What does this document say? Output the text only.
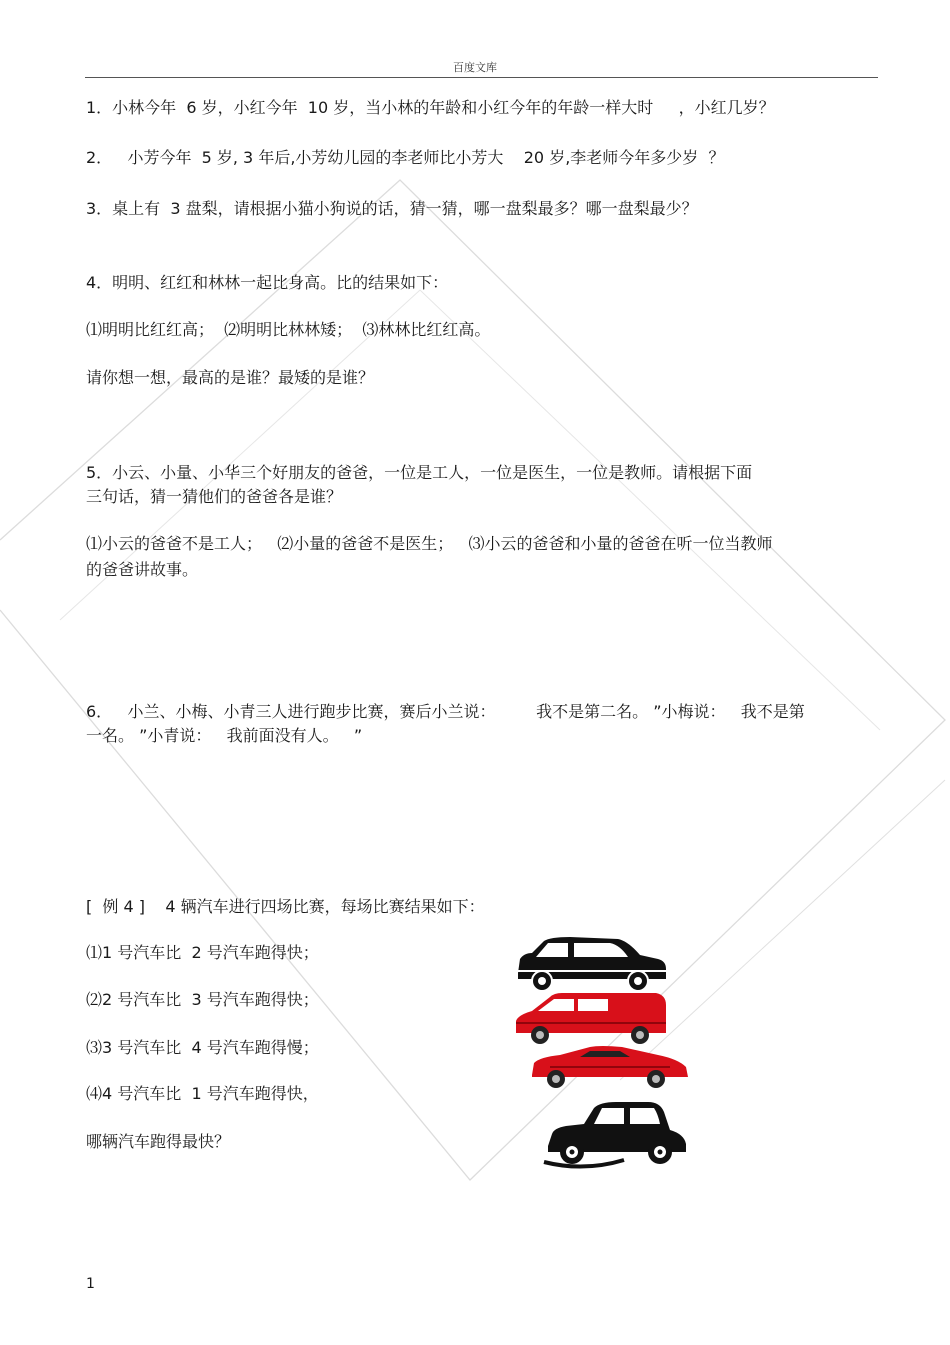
百度文库
1．小林今年  6 岁，小红今年  10 岁，当小林的年龄和小红今年的年龄一样大时     ，小红几岁？
2．   小芳今年  5 岁, 3 年后,小芳幼儿园的李老师比小芳大    20 岁,李老师今年多少岁  ？
3．桌上有  3 盘梨，请根据小猫小狗说的话，猜一猜，哪一盘梨最多？哪一盘梨最少？
4．明明、红红和林林一起比身高。比的结果如下：
⑴明明比红红高；  ⑵明明比林林矮；  ⑶林林比红红高。
请你想一想，最高的是谁？最矮的是谁？
5．小云、小量、小华三个好朋友的爸爸，一位是工人，一位是医生，一位是教师。请根据下面
三句话，猜一猜他们的爸爸各是谁？
⑴小云的爸爸不是工人；   ⑵小量的爸爸不是医生；   ⑶小云的爸爸和小量的爸爸在听一位当教师
的爸爸讲故事。
6．   小兰、小梅、小青三人进行跑步比赛，赛后小兰说：        我不是第二名。 ”小梅说：   我不是第
一名。 ”小青说：   我前面没有人。   ”
[  例 4 ]    4 辆汽车进行四场比赛，每场比赛结果如下：
⑴1 号汽车比  2 号汽车跑得快；
⑵2 号汽车比  3 号汽车跑得快；
⑶3 号汽车比  4 号汽车跑得慢；
⑷4 号汽车比  1 号汽车跑得快，
哪辆汽车跑得最快？
1
